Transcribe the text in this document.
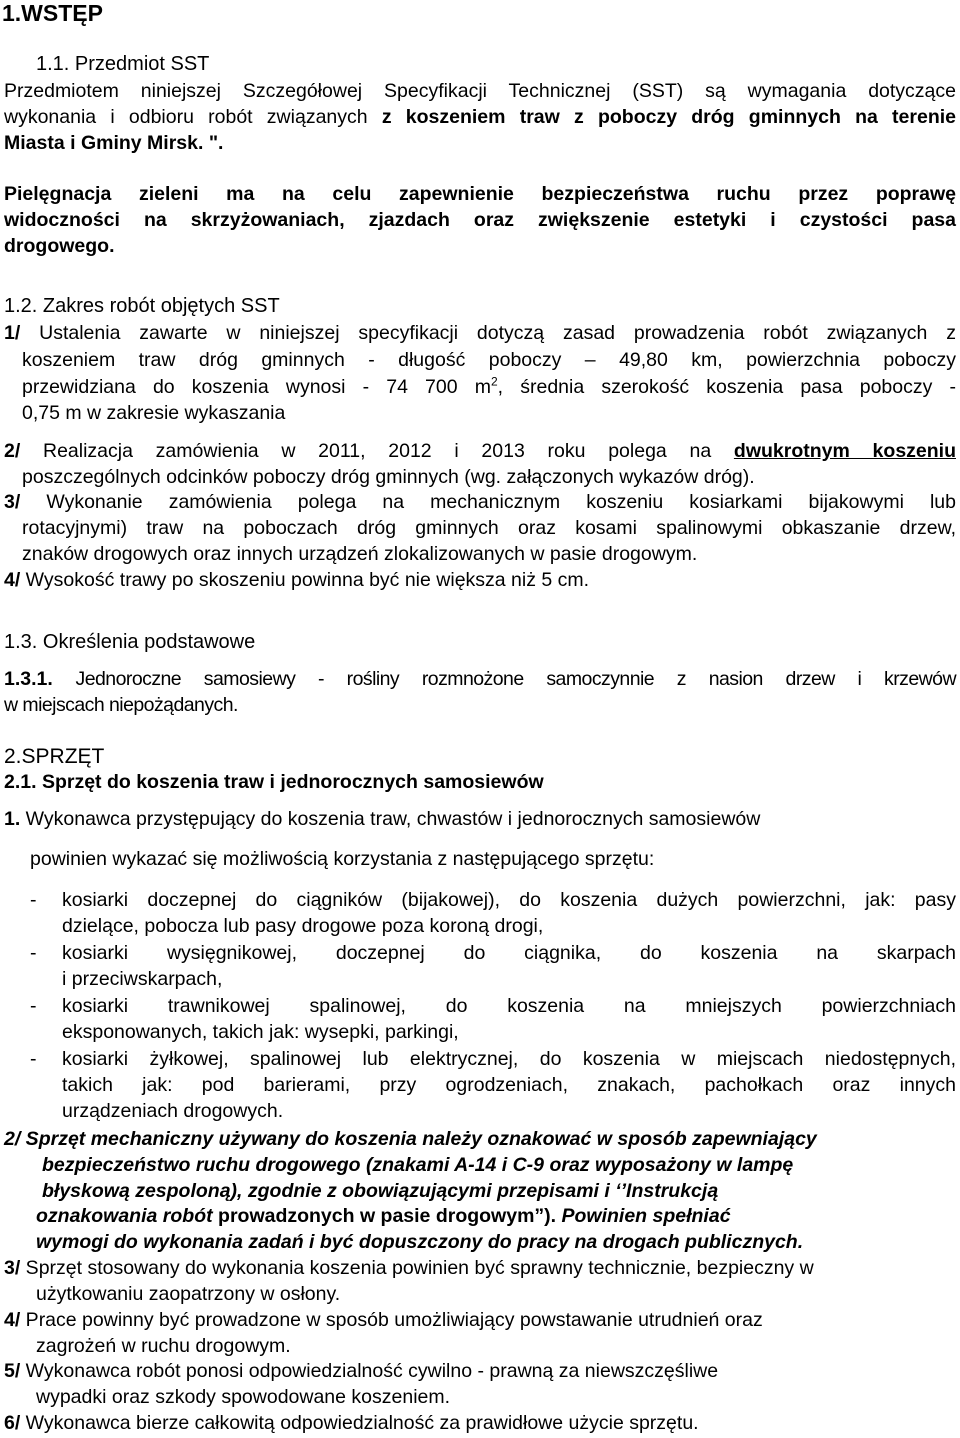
1.WSTĘP
1.1. Przedmiot SST
Przedmiotem niniejszej Szczegółowej Specyfikacji Technicznej (SST) są wymagania dotyczące
wykonania i odbioru robót związanych z koszeniem traw z poboczy dróg gminnych na terenie
Miasta i Gminy Mirsk. ".
Pielęgnacja zieleni ma na celu zapewnienie bezpieczeństwa ruchu przez poprawę
widoczności na skrzyżowaniach, zjazdach oraz zwiększenie estetyki i czystości pasa
drogowego.
1.2. Zakres robót objętych SST
1/ Ustalenia zawarte w niniejszej specyfikacji dotyczą zasad prowadzenia robót związanych z
koszeniem traw dróg gminnych - długość poboczy – 49,80 km, powierzchnia poboczy
przewidziana do koszenia wynosi - 74 700 $m^2$, średnia szerokość koszenia pasa poboczy -
0,75 m w zakresie wykaszania
2/ Realizacja zamówienia w 2011, 2012 i 2013 roku polega na dwukrotnym koszeniu
poszczególnych odcinków poboczy dróg gminnych (wg. załączonych wykazów dróg).
3/ Wykonanie zamówienia polega na mechanicznym koszeniu kosiarkami bijakowymi lub
rotacyjnymi) traw na poboczach dróg gminnych oraz kosami spalinowymi obkaszanie drzew,
znaków drogowych oraz innych urządzeń zlokalizowanych w pasie drogowym.
4/ Wysokość trawy po skoszeniu powinna być nie większa niż 5 cm.
1.3. Określenia podstawowe
1.3.1. Jednoroczne samosiewy - rośliny rozmnożone samoczynnie z nasion drzew i krzewów
w miejscach niepożądanych.
2.SPRZĘT
2.1. Sprzęt do koszenia traw i jednorocznych samosiewów
1. Wykonawca przystępujący do koszenia traw, chwastów i jednorocznych samosiewów
powinien wykazać się możliwością korzystania z następującego sprzętu:
- kosiarki doczepnej do ciągników (bijakowej), do koszenia dużych powierzchni, jak: pasy
dzielące, pobocza lub pasy drogowe poza koroną drogi,
- kosiarki wysięgnikowej, doczepnej do ciągnika, do koszenia na skarpach
i przeciwskarpach,
- kosiarki trawnikowej spalinowej, do koszenia na mniejszych powierzchniach
eksponowanych, takich jak: wysepki, parkingi,
- kosiarki żyłkowej, spalinowej lub elektrycznej, do koszenia w miejscach niedostępnych,
takich jak: pod barierami, przy ogrodzeniach, znakach, pachołkach oraz innych
urządzeniach drogowych.
2/ Sprzęt mechaniczny używany do koszenia należy oznakować w sposób zapewniający
bezpieczeństwo ruchu drogowego (znakami A-14 i C-9 oraz wyposażony w lampę
błyskową zespoloną), zgodnie z obowiązującymi przepisami i ‘’Instrukcją
oznakowania robót prowadzonych w pasie drogowym”). Powinien spełniać
wymogi do wykonania zadań i być dopuszczony do pracy na drogach publicznych.
3/ Sprzęt stosowany do wykonania koszenia powinien być sprawny technicznie, bezpieczny w
użytkowaniu zaopatrzony w osłony.
4/ Prace powinny być prowadzone w sposób umożliwiający powstawanie utrudnień oraz
zagrożeń w ruchu drogowym.
5/ Wykonawca robót ponosi odpowiedzialność cywilno - prawną za niewszczęśliwe
wypadki oraz szkody spowodowane koszeniem.
6/ Wykonawca bierze całkowitą odpowiedzialność za prawidłowe użycie sprzętu.
